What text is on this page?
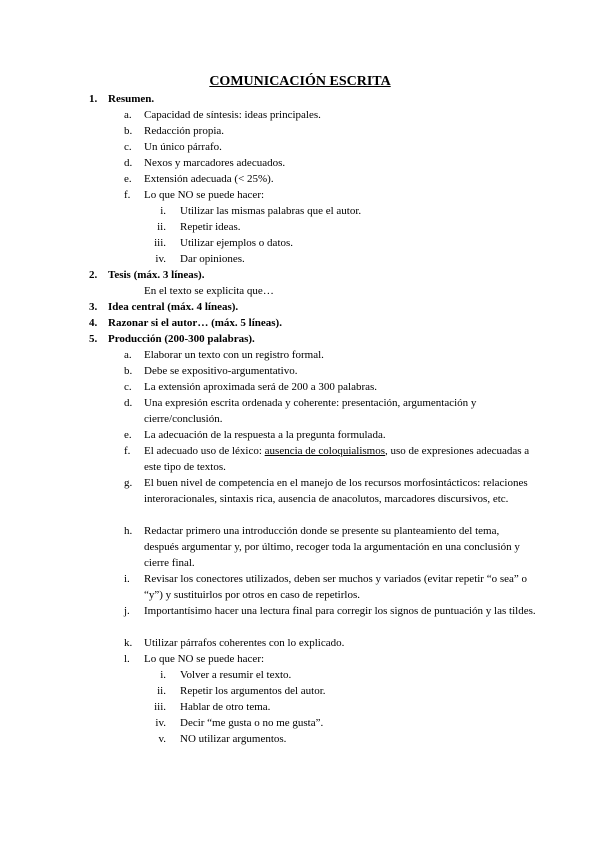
COMUNICACIÓN ESCRITA
1. Resumen.
a.	Capacidad de síntesis: ideas principales.
b.	Redacción propia.
c.	Un único párrafo.
d.	Nexos y marcadores adecuados.
e.	Extensión adecuada (< 25%).
f.	Lo que NO se puede hacer:
i. Utilizar las mismas palabras que el autor.
ii. Repetir ideas.
iii. Utilizar ejemplos o datos.
iv. Dar opiniones.
2. Tesis (máx. 3 líneas).
En el texto se explicita que…
3. Idea central (máx. 4 líneas).
4. Razonar si el autor… (máx. 5 líneas).
5. Producción (200-300 palabras).
a.	Elaborar un texto con un registro formal.
b.	Debe se expositivo-argumentativo.
c.	La extensión aproximada será de 200 a 300 palabras.
d.	Una expresión escrita ordenada y coherente: presentación, argumentación y cierre/conclusión.
e.	La adecuación de la respuesta a la pregunta formulada.
f.	El adecuado uso de léxico: ausencia de coloquialismos, uso de expresiones adecuadas a este tipo de textos.
g.	El buen nivel de competencia en el manejo de los recursos morfosintácticos: relaciones interoracionales, sintaxis rica, ausencia de anacolutos, marcadores discursivos, etc.
h.	Redactar primero una introducción donde se presente su planteamiento del tema, después argumentar y, por último, recoger toda la argumentación en una conclusión y cierre final.
i.	Revisar los conectores utilizados, deben ser muchos y variados (evitar repetir “o sea” o “y”) y sustituirlos por otros en caso de repetirlos.
j.	Importantísimo hacer una lectura final para corregir los signos de puntuación y las tildes.
k.	Utilizar párrafos coherentes con lo explicado.
l.	Lo que NO se puede hacer:
i. Volver a resumir el texto.
ii. Repetir los argumentos del autor.
iii. Hablar de otro tema.
iv. Decir “me gusta o no me gusta”.
v. NO utilizar argumentos.
